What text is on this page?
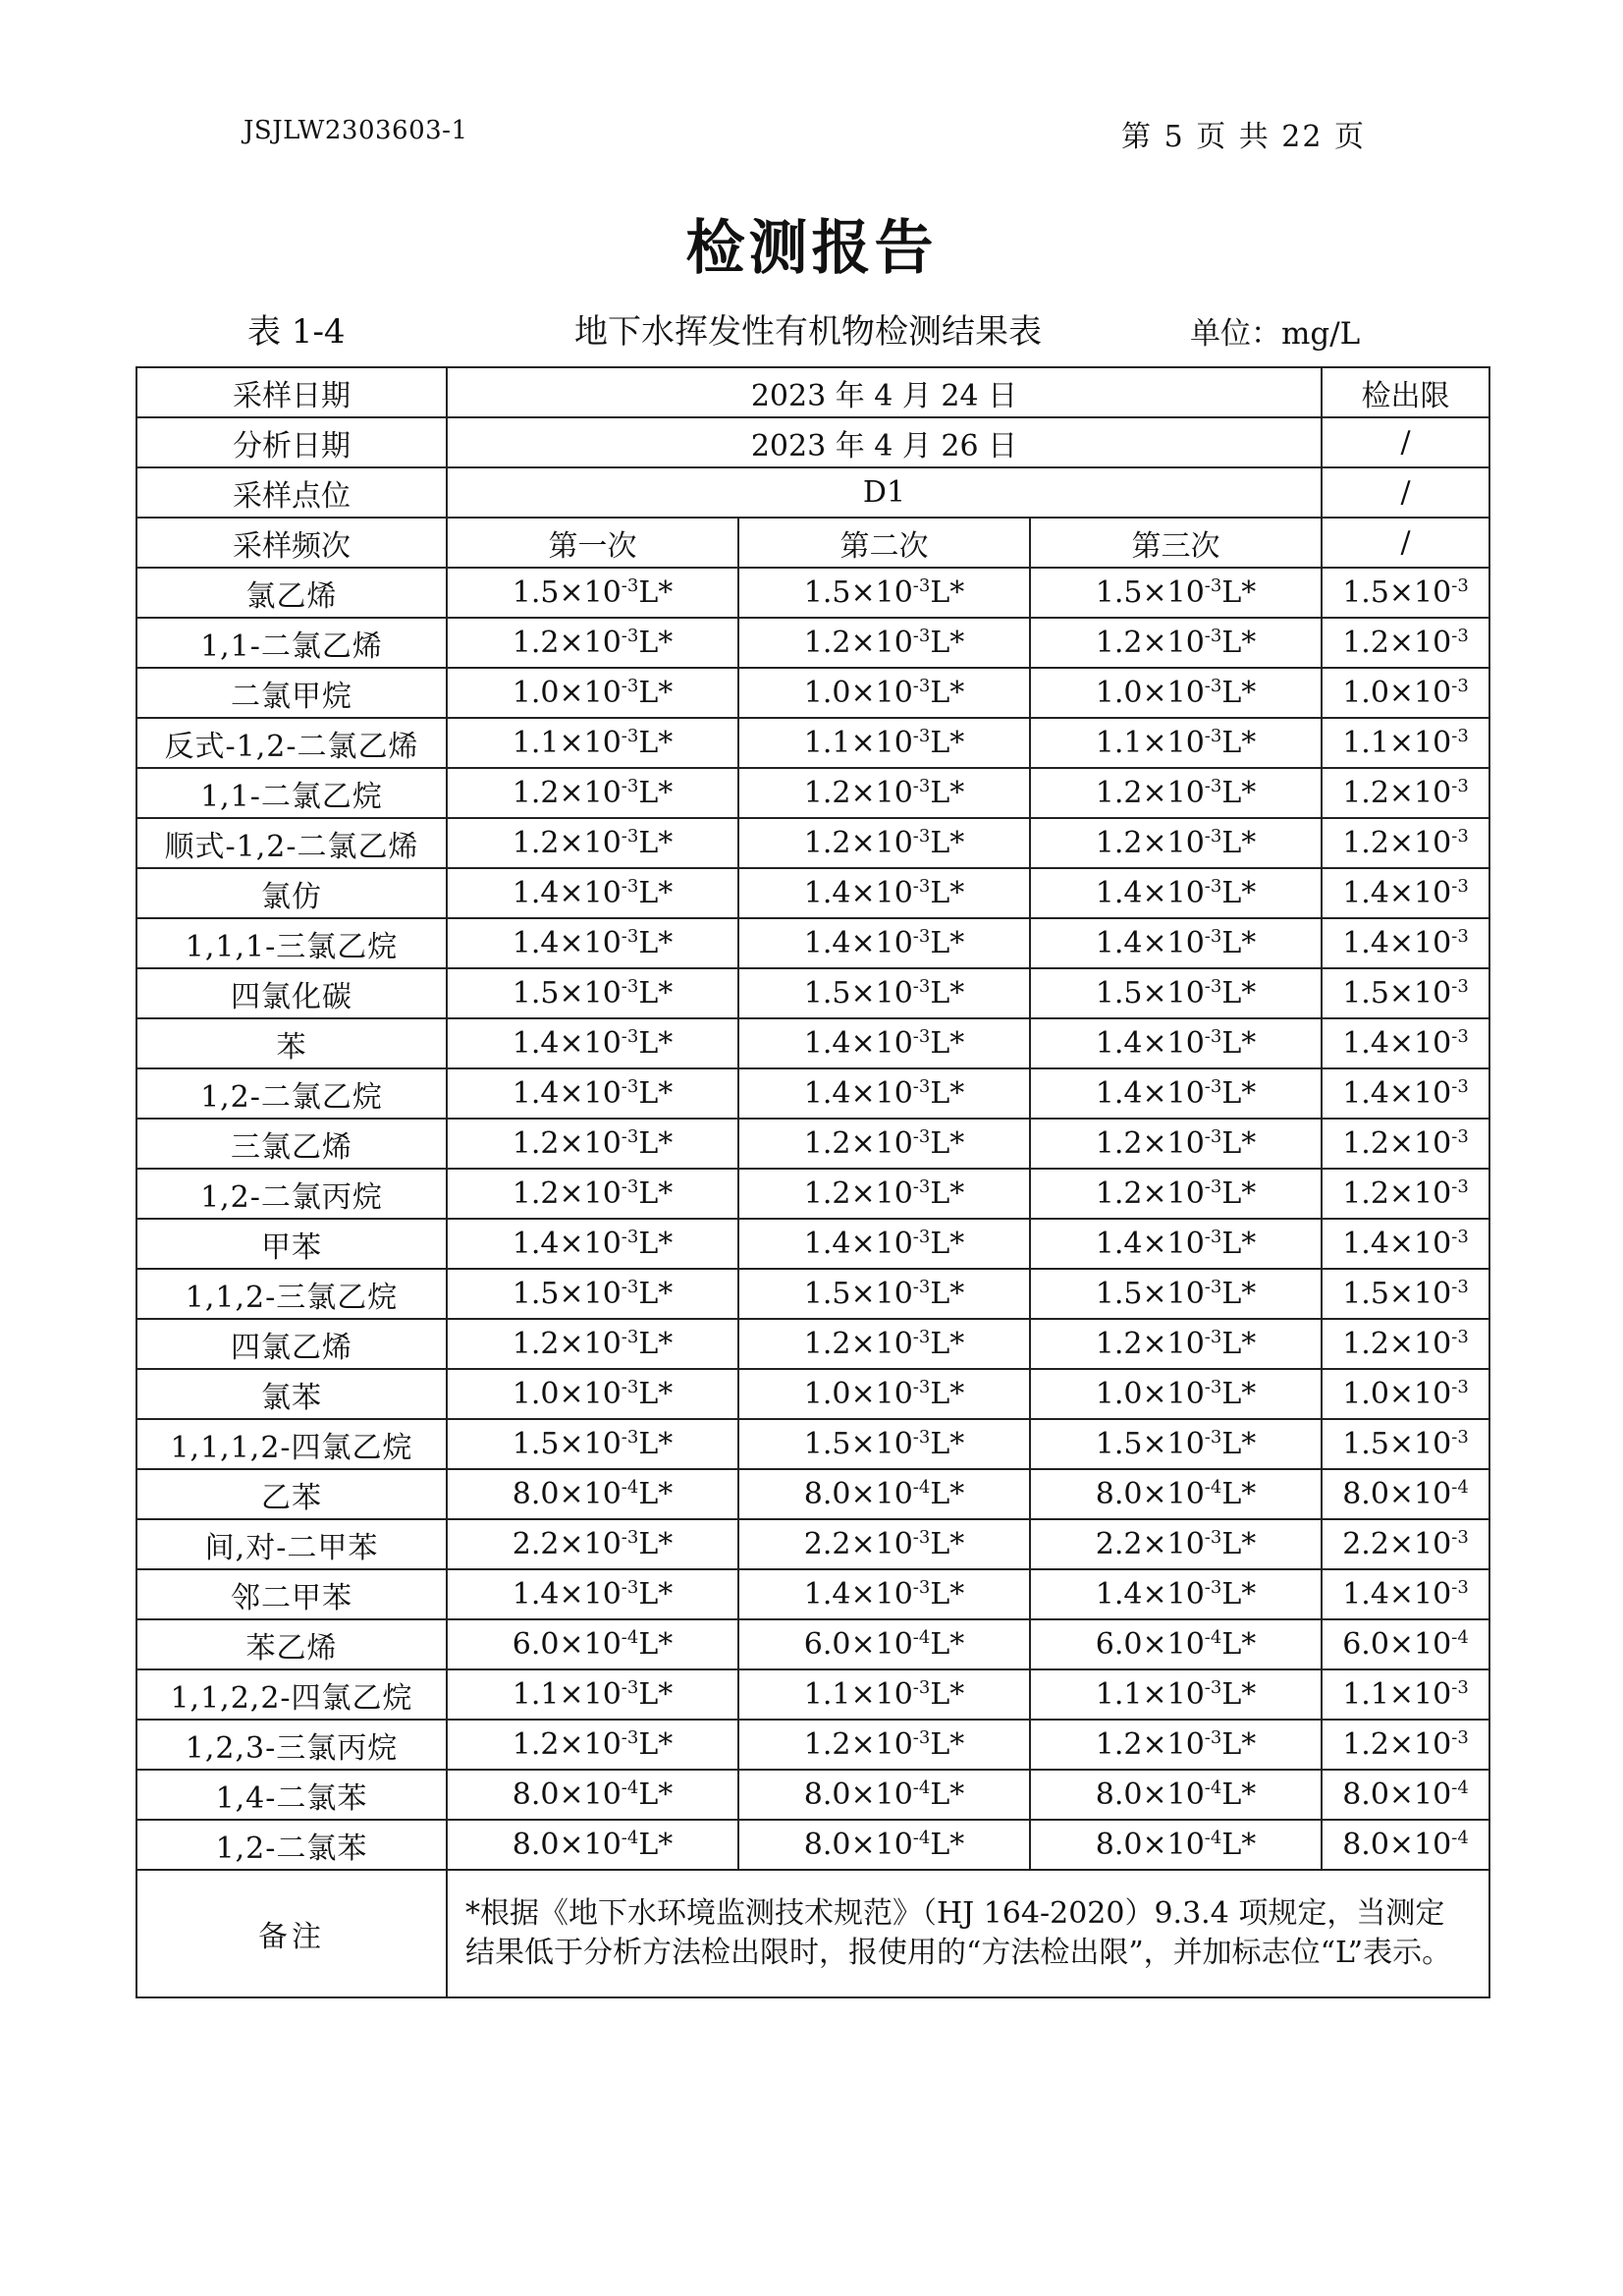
JSJLW2303603-1	第 5 页 共 22 页
检测报告
表 1-4	地下水挥发性有机物检测结果表	单位：mg/L
采样日期	2023 年 4 月 24 日			检出限
分析日期	2023 年 4 月 26 日			/
采样点位	D1			/
采样频次	第一次	第二次	第三次	/
氯乙烯	$1.5\times 10^{-3}L*$	$1.5\times 10^{-3}L*$	$1.5\times 10^{-3}L*$	$1.5\times 10^{-3}$
1,1-二氯乙烯	$1.2\times 10^{-3}L*$	$1.2\times 10^{-3}L*$	$1.2\times 10^{-3}L*$	$1.2\times 10^{-3}$
二氯甲烷	$1.0\times 10^{-3}L*$	$1.0\times 10^{-3}L*$	$1.0\times 10^{-3}L*$	$1.0\times 10^{-3}$
反式-1,2-二氯乙烯	$1.1\times 10^{-3}L*$	$1.1\times 10^{-3}L*$	$1.1\times 10^{-3}L*$	$1.1\times 10^{-3}$
1,1-二氯乙烷	$1.2\times 10^{-3}L*$	$1.2\times 10^{-3}L*$	$1.2\times 10^{-3}L*$	$1.2\times 10^{-3}$
顺式-1,2-二氯乙烯	$1.2\times 10^{-3}L*$	$1.2\times 10^{-3}L*$	$1.2\times 10^{-3}L*$	$1.2\times 10^{-3}$
氯仿	$1.4\times 10^{-3}L*$	$1.4\times 10^{-3}L*$	$1.4\times 10^{-3}L*$	$1.4\times 10^{-3}$
1,1,1-三氯乙烷	$1.4\times 10^{-3}L*$	$1.4\times 10^{-3}L*$	$1.4\times 10^{-3}L*$	$1.4\times 10^{-3}$
四氯化碳	$1.5\times 10^{-3}L*$	$1.5\times 10^{-3}L*$	$1.5\times 10^{-3}L*$	$1.5\times 10^{-3}$
苯	$1.4\times 10^{-3}L*$	$1.4\times 10^{-3}L*$	$1.4\times 10^{-3}L*$	$1.4\times 10^{-3}$
1,2-二氯乙烷	$1.4\times 10^{-3}L*$	$1.4\times 10^{-3}L*$	$1.4\times 10^{-3}L*$	$1.4\times 10^{-3}$
三氯乙烯	$1.2\times 10^{-3}L*$	$1.2\times 10^{-3}L*$	$1.2\times 10^{-3}L*$	$1.2\times 10^{-3}$
1,2-二氯丙烷	$1.2\times 10^{-3}L*$	$1.2\times 10^{-3}L*$	$1.2\times 10^{-3}L*$	$1.2\times 10^{-3}$
甲苯	$1.4\times 10^{-3}L*$	$1.4\times 10^{-3}L*$	$1.4\times 10^{-3}L*$	$1.4\times 10^{-3}$
1,1,2-三氯乙烷	$1.5\times 10^{-3}L*$	$1.5\times 10^{-3}L*$	$1.5\times 10^{-3}L*$	$1.5\times 10^{-3}$
四氯乙烯	$1.2\times 10^{-3}L*$	$1.2\times 10^{-3}L*$	$1.2\times 10^{-3}L*$	$1.2\times 10^{-3}$
氯苯	$1.0\times 10^{-3}L*$	$1.0\times 10^{-3}L*$	$1.0\times 10^{-3}L*$	$1.0\times 10^{-3}$
1,1,1,2-四氯乙烷	$1.5\times 10^{-3}L*$	$1.5\times 10^{-3}L*$	$1.5\times 10^{-3}L*$	$1.5\times 10^{-3}$
乙苯	$8.0\times 10^{-4}L*$	$8.0\times 10^{-4}L*$	$8.0\times 10^{-4}L*$	$8.0\times 10^{-4}$
间,对-二甲苯	$2.2\times 10^{-3}L*$	$2.2\times 10^{-3}L*$	$2.2\times 10^{-3}L*$	$2.2\times 10^{-3}$
邻二甲苯	$1.4\times 10^{-3}L*$	$1.4\times 10^{-3}L*$	$1.4\times 10^{-3}L*$	$1.4\times 10^{-3}$
苯乙烯	$6.0\times 10^{-4}L*$	$6.0\times 10^{-4}L*$	$6.0\times 10^{-4}L*$	$6.0\times 10^{-4}$
1,1,2,2-四氯乙烷	$1.1\times 10^{-3}L*$	$1.1\times 10^{-3}L*$	$1.1\times 10^{-3}L*$	$1.1\times 10^{-3}$
1,2,3-三氯丙烷	$1.2\times 10^{-3}L*$	$1.2\times 10^{-3}L*$	$1.2\times 10^{-3}L*$	$1.2\times 10^{-3}$
1,4-二氯苯	$8.0\times 10^{-4}L*$	$8.0\times 10^{-4}L*$	$8.0\times 10^{-4}L*$	$8.0\times 10^{-4}$
1,2-二氯苯	$8.0\times 10^{-4}L*$	$8.0\times 10^{-4}L*$	$8.0\times 10^{-4}L*$	$8.0\times 10^{-4}$
备注	*根据《地下水环境监测技术规范》（HJ 164-2020）9.3.4 项规定，当测定结果低于分析方法检出限时，报使用的“方法检出限”，并加标志位“L”表示。			
